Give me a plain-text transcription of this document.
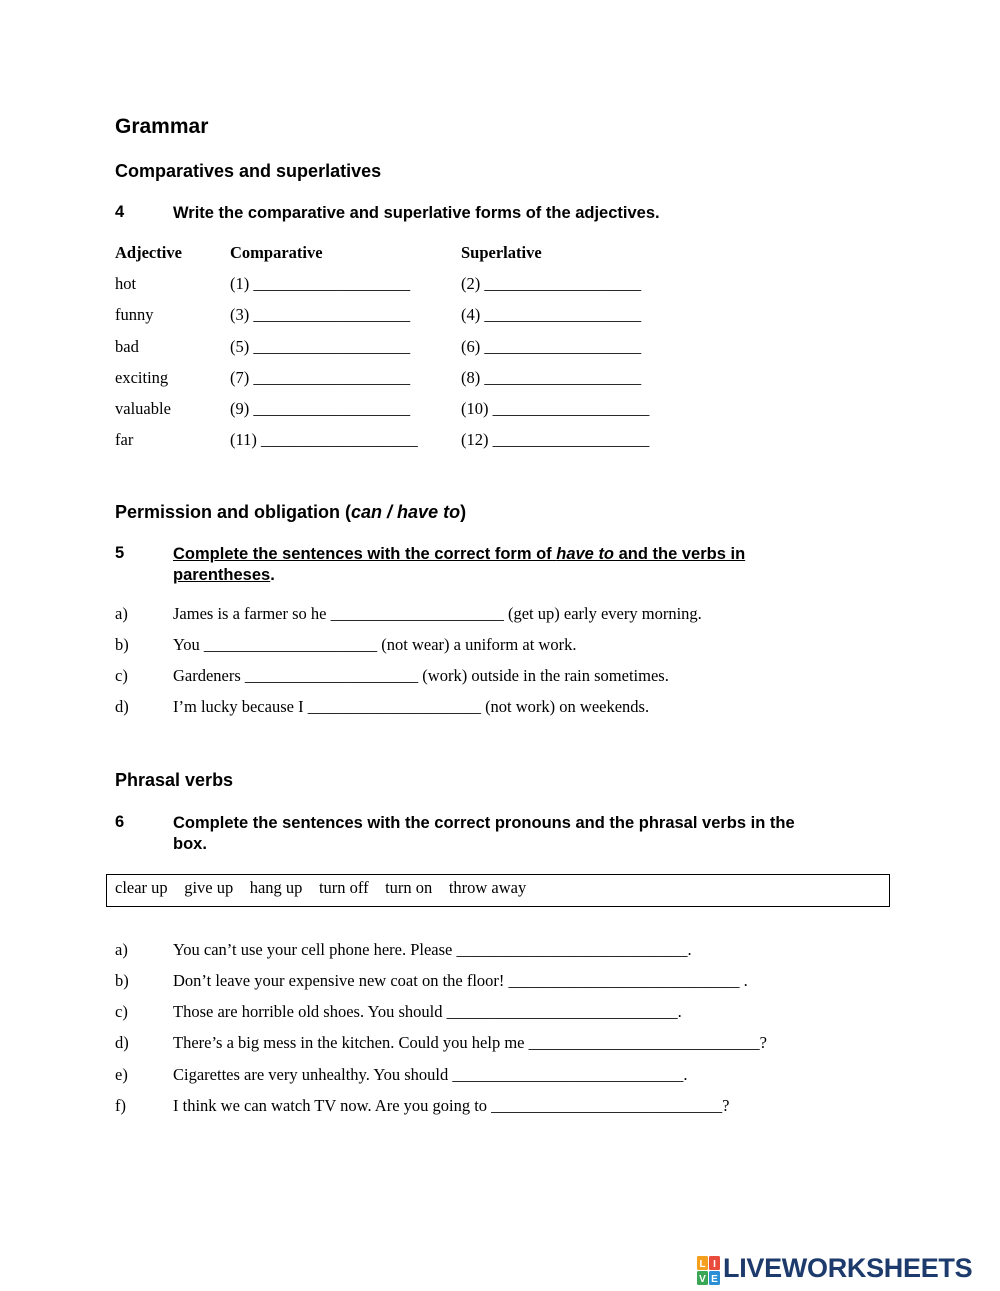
Grammar
Comparatives and superlatives
4	Write the comparative and superlative forms of the adjectives.
Adjective	Comparative	Superlative
hot	(1) ___________________	(2) ___________________
funny	(3) ___________________	(4) ___________________
bad	(5) ___________________	(6) ___________________
exciting	(7) ___________________	(8) ___________________
valuable	(9) ___________________	(10) ___________________
far	(11) ___________________	(12) ___________________
Permission and obligation (can / have to)
5	Complete the sentences with the correct form of have to and the verbs in
parentheses.
a)	James is a farmer so he _____________________ (get up) early every morning.
b)	You _____________________ (not wear) a uniform at work.
c)	Gardeners _____________________ (work) outside in the rain sometimes.
d)	I’m lucky because I _____________________ (not work) on weekends.
Phrasal verbs
6	Complete the sentences with the correct pronouns and the phrasal verbs in the
box.
clear up give up hang up turn off turn on throw away
a)	You can’t use your cell phone here. Please ____________________________.
b)	Don’t leave your expensive new coat on the floor! ____________________________ .
c)	Those are horrible old shoes. You should ____________________________.
d)	There’s a big mess in the kitchen. Could you help me ____________________________?
e)	Cigarettes are very unhealthy. You should ____________________________.
f)	I think we can watch TV now. Are you going to ____________________________?
L I
V E LIVEWORKSHEETS
